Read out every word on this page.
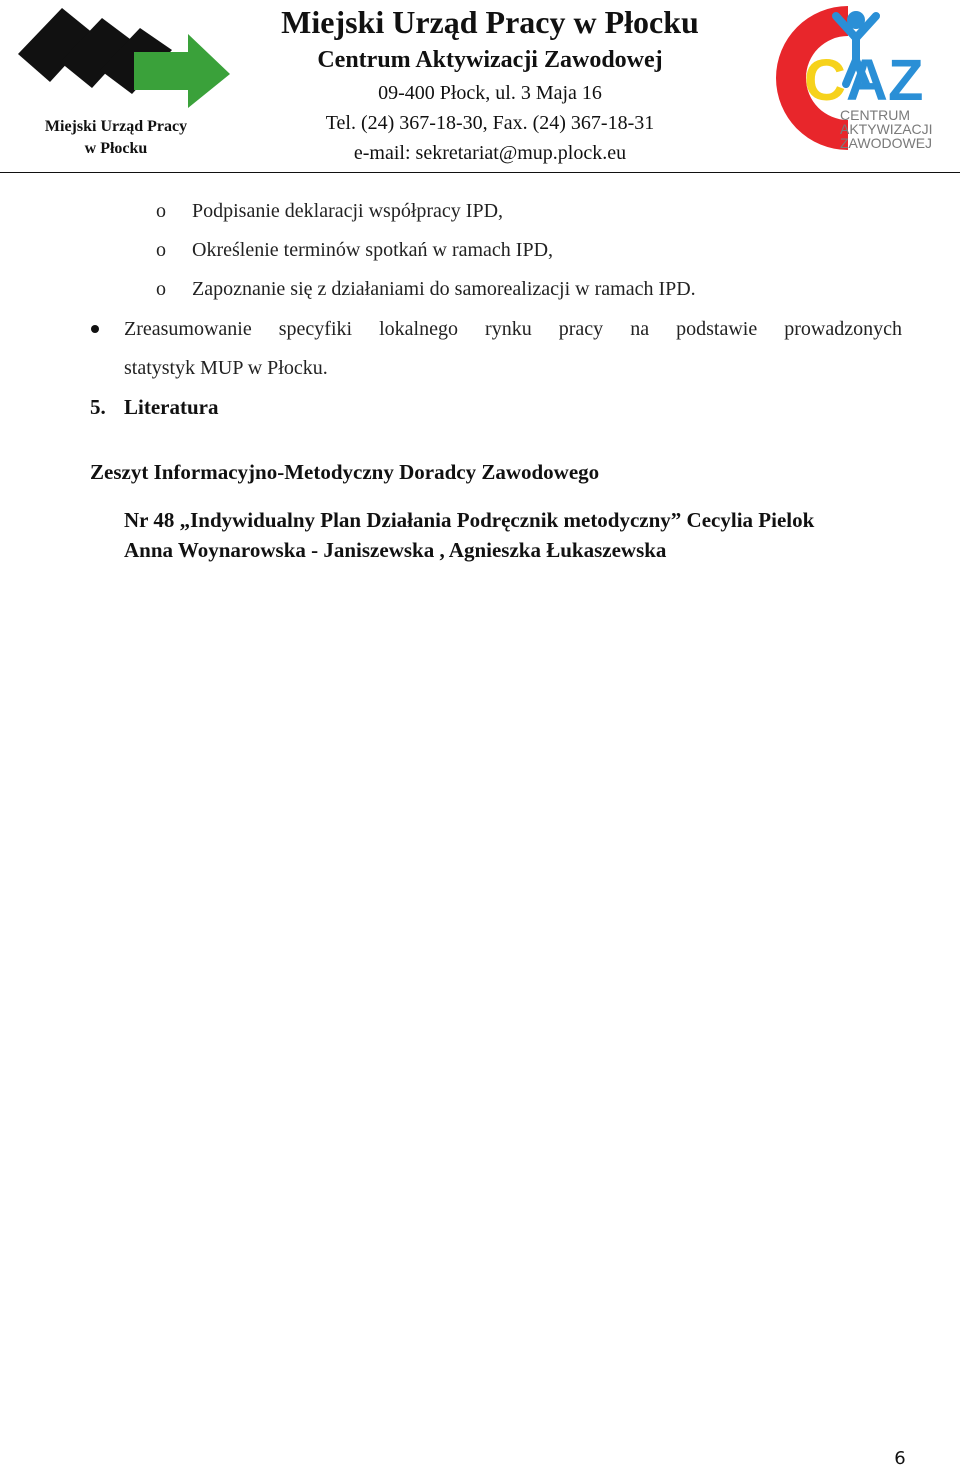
Miejski Urząd Pracy
w Płocku
Miejski Urząd Pracy w Płocku
Centrum Aktywizacji Zawodowej
09-400 Płock, ul. 3 Maja 16
Tel. (24) 367-18-30, Fax. (24) 367-18-31
e-mail: sekretariat@mup.plock.eu
C A Z
CENTRUM
AKTYWIZACJI
ZAWODOWEJ
o Podpisanie deklaracji współpracy IPD,
o Określenie terminów spotkań w ramach IPD,
o Zapoznanie się z działaniami do samorealizacji w ramach IPD.
Zreasumowanie specyfiki lokalnego rynku pracy na podstawie prowadzonych
statystyk MUP w Płocku.
5. Literatura
Zeszyt Informacyjno-Metodyczny Doradcy Zawodowego
Nr 48 „Indywidualny Plan Działania Podręcznik metodyczny” Cecylia Pielok
Anna Woynarowska - Janiszewska , Agnieszka Łukaszewska
6
